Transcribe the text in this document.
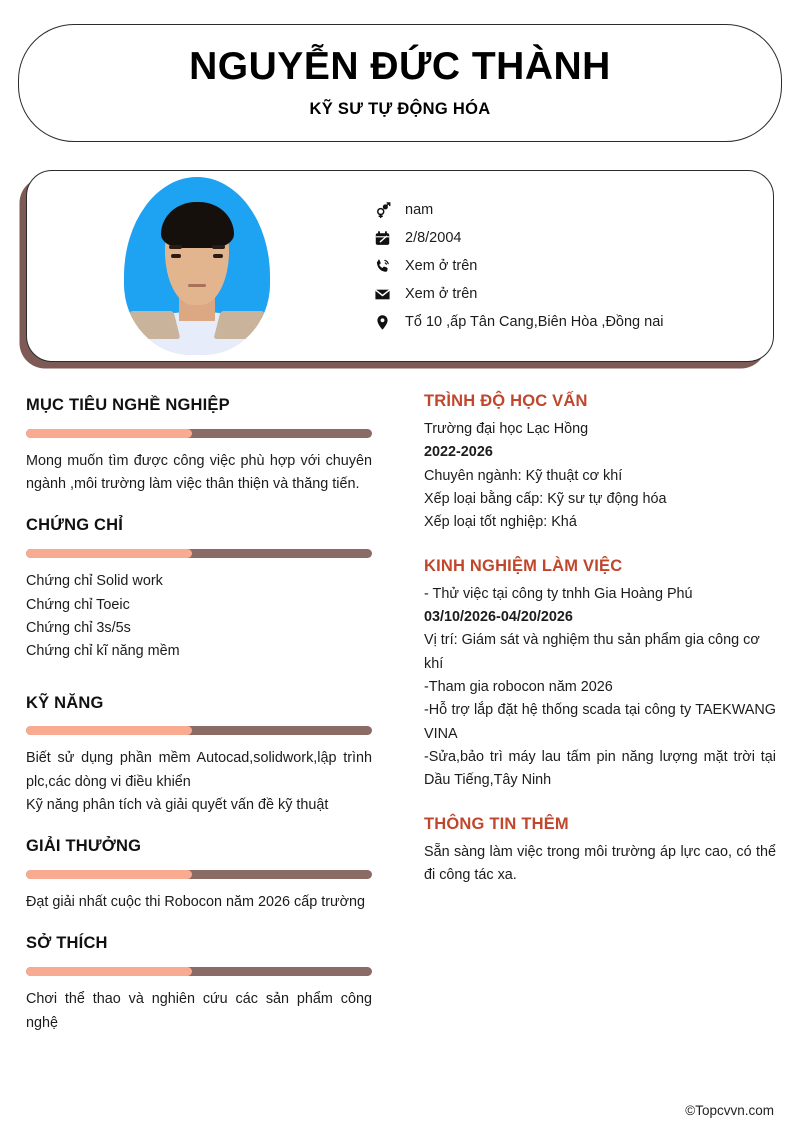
NGUYỄN ĐỨC THÀNH
KỸ SƯ TỰ ĐỘNG HÓA
nam
2/8/2004
Xem ở trên
Xem ở trên
Tổ 10 ,ấp Tân Cang,Biên Hòa ,Đồng nai
MỤC TIÊU NGHỀ NGHIỆP
Mong muốn tìm được công việc phù hợp với chuyên ngành ,môi trường làm việc thân thiện và thăng tiến.
CHỨNG CHỈ
Chứng chỉ Solid work
Chứng chỉ Toeic
Chứng chỉ 3s/5s
Chứng chỉ kĩ năng mềm
KỸ NĂNG
Biết sử dụng phần mềm Autocad,solidwork,lập trình plc,các dòng vi điều khiển
Kỹ năng phân tích và giải quyết vấn đề kỹ thuật
GIẢI THƯỞNG
Đạt giải nhất cuộc thi Robocon năm 2026 cấp trường
SỞ THÍCH
Chơi thể thao và nghiên cứu các sản phẩm công nghệ
TRÌNH ĐỘ HỌC VẤN
Trường đại học Lạc Hồng
2022-2026
Chuyên ngành: Kỹ thuật cơ khí
Xếp loại bằng cấp: Kỹ sư tự động hóa
Xếp loại tốt nghiệp: Khá
KINH NGHIỆM LÀM VIỆC
- Thử việc tại công ty tnhh Gia Hoàng Phú
03/10/2026-04/20/2026
Vị trí: Giám sát và nghiệm thu sản phẩm gia công cơ khí
-Tham gia robocon năm 2026
-Hỗ trợ lắp đặt hệ thống scada tại công ty TAEKWANG VINA
-Sửa,bảo trì máy lau tấm pin năng lượng mặt trời tại Dầu Tiếng,Tây Ninh
THÔNG TIN THÊM
Sẵn sàng làm việc trong môi trường áp lực cao, có thể đi công tác xa.
©Topcvvn.com
